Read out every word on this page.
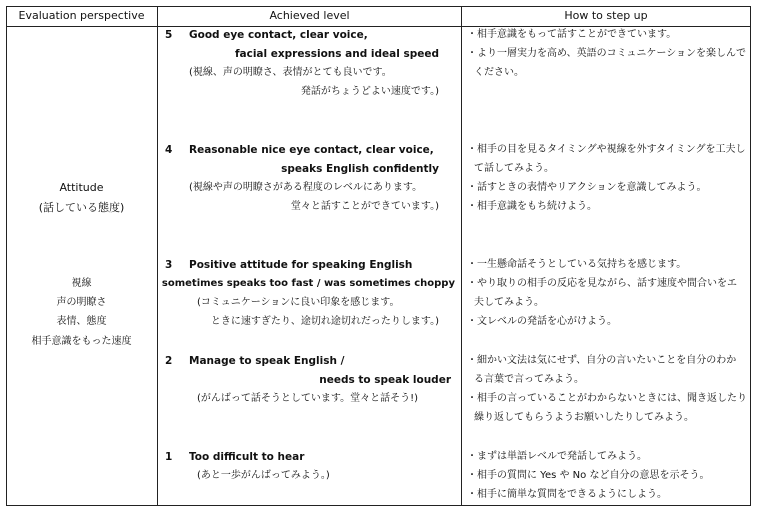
Evaluation perspective	Achieved level	How to step up
Attitude
(話している態度)
視線
声の明瞭さ
表情、態度
相手意識をもった速度
5 Good eye contact, clear voice,
facial expressions and ideal speed
(視線、声の明瞭さ、表情がとても良いです。
発話がちょうどよい速度です。)
4 Reasonable nice eye contact, clear voice,
speaks English confidently
(視線や声の明瞭さがある程度のレベルにあります。
堂々と話すことができています。)
3 Positive attitude for speaking English
sometimes speaks too fast / was sometimes choppy
(コミュニケーションに良い印象を感じます。
ときに速すぎたり、途切れ途切れだったりします。)
2 Manage to speak English /
needs to speak louder
(がんばって話そうとしています。堂々と話そう!)
1 Too difficult to hear
(あと一歩がんばってみよう。)
・相手意識をもって話すことができています。
・より一層実力を高め、英語のコミュニケーションを楽しんで
ください。
・相手の目を見るタイミングや視線を外すタイミングを工夫し
て話してみよう。
・話すときの表情やリアクションを意識してみよう。
・相手意識をもち続けよう。
・一生懸命話そうとしている気持ちを感じます。
・やり取りの相手の反応を見ながら、話す速度や間合いをエ
夫してみよう。
・文レベルの発話を心がけよう。
・細かい文法は気にせず、自分の言いたいことを自分のわか
る言葉で言ってみよう。
・相手の言っていることがわからないときには、聞き返したり
繰り返してもらうようお願いしたりしてみよう。
・まずは単語レベルで発話してみよう。
・相手の質問に Yes や No など自分の意思を示そう。
・相手に簡単な質問をできるようにしよう。
